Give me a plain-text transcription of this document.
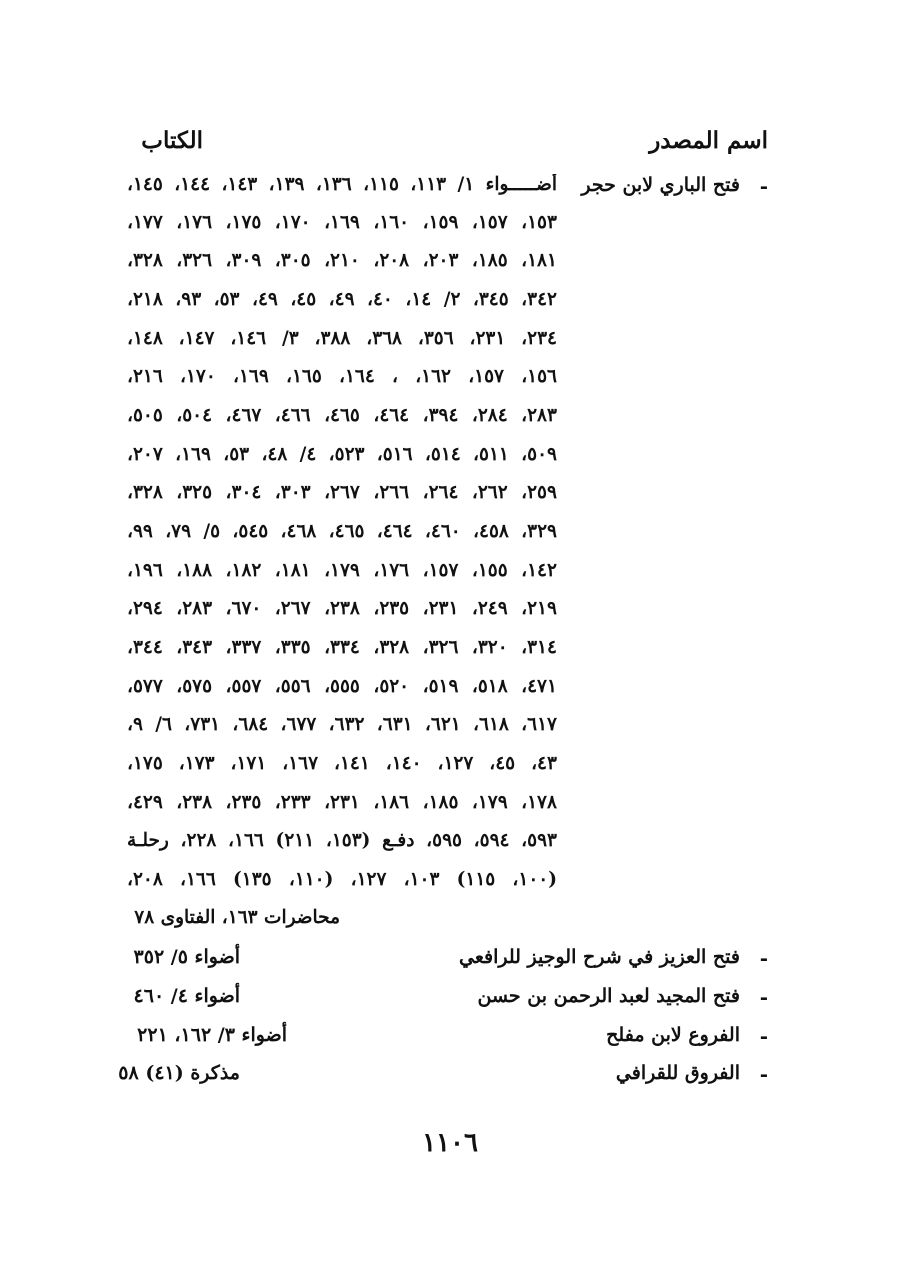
اسم المصدر
الكتاب
-
فتح الباري لابن حجر
أضـــــواء ١/ ١١٣، ١١٥، ١٣٦، ١٣٩، ١٤٣، ١٤٤، ١٤٥،
١٥٣، ١٥٧، ١٥٩، ١٦٠، ١٦٩، ١٧٠، ١٧٥، ١٧٦، ١٧٧،
١٨١، ١٨٥، ٢٠٣، ٢٠٨، ٢١٠، ٣٠٥، ٣٠٩، ٣٢٦، ٣٢٨،
٣٤٢، ٣٤٥، ٢/ ١٤، ٤٠، ٤٩، ٤٥، ٤٩، ٥٣، ٩٣، ٢١٨،
٢٣٤، ٢٣١، ٣٥٦، ٣٦٨، ٣٨٨، ٣/ ١٤٦، ١٤٧، ١٤٨،
١٥٦، ١٥٧، ١٦٢، ، ١٦٤، ١٦٥، ١٦٩، ١٧٠، ٢١٦،
٢٨٣، ٢٨٤، ٣٩٤، ٤٦٤، ٤٦٥، ٤٦٦، ٤٦٧، ٥٠٤، ٥٠٥،
٥٠٩، ٥١١، ٥١٤، ٥١٦، ٥٢٣، ٤/ ٤٨، ٥٣، ١٦٩، ٢٠٧،
٢٥٩، ٢٦٢، ٢٦٤، ٢٦٦، ٢٦٧، ٣٠٣، ٣٠٤، ٣٢٥، ٣٢٨،
٣٢٩، ٤٥٨، ٤٦٠، ٤٦٤، ٤٦٥، ٤٦٨، ٥٤٥، ٥/ ٧٩، ٩٩،
١٤٢، ١٥٥، ١٥٧، ١٧٦، ١٧٩، ١٨١، ١٨٢، ١٨٨، ١٩٦،
٢١٩، ٢٤٩، ٢٣١، ٢٣٥، ٢٣٨، ٢٦٧، ٦٧٠، ٢٨٣، ٢٩٤،
٣١٤، ٣٢٠، ٣٢٦، ٣٢٨، ٣٣٤، ٣٣٥، ٣٣٧، ٣٤٣، ٣٤٤،
٤٧١، ٥١٨، ٥١٩، ٥٢٠، ٥٥٥، ٥٥٦، ٥٥٧، ٥٧٥، ٥٧٧،
٦١٧، ٦١٨، ٦٢١، ٦٣١، ٦٣٢، ٦٧٧، ٦٨٤، ٧٣١، ٦/ ٩،
٤٣، ٤٥، ١٢٧، ١٤٠، ١٤١، ١٦٧، ١٧١، ١٧٣، ١٧٥،
١٧٨، ١٧٩، ١٨٥، ١٨٦، ٢٣١، ٢٣٣، ٢٣٥، ٢٣٨، ٤٢٩،
٥٩٣، ٥٩٤، ٥٩٥، دفـع (١٥٣، ٢١١) ١٦٦، ٢٢٨، رحلـة
(١٠٠، ١١٥) ١٠٣، ١٢٧، (١١٠، ١٣٥) ١٦٦، ٢٠٨،
محاضرات ١٦٣، الفتاوى ٧٨
-
فتح العزيز في شرح الوجيز للرافعي
أضواء ٥/ ٣٥٢
-
فتح المجيد لعبد الرحمن بن حسن
أضواء ٤/ ٤٦٠
-
الفروع لابن مفلح
أضواء ٣/ ١٦٢، ٢٢١
-
الفروق للقرافي
مذكرة (٤١) ٥٨
١١٠٦
